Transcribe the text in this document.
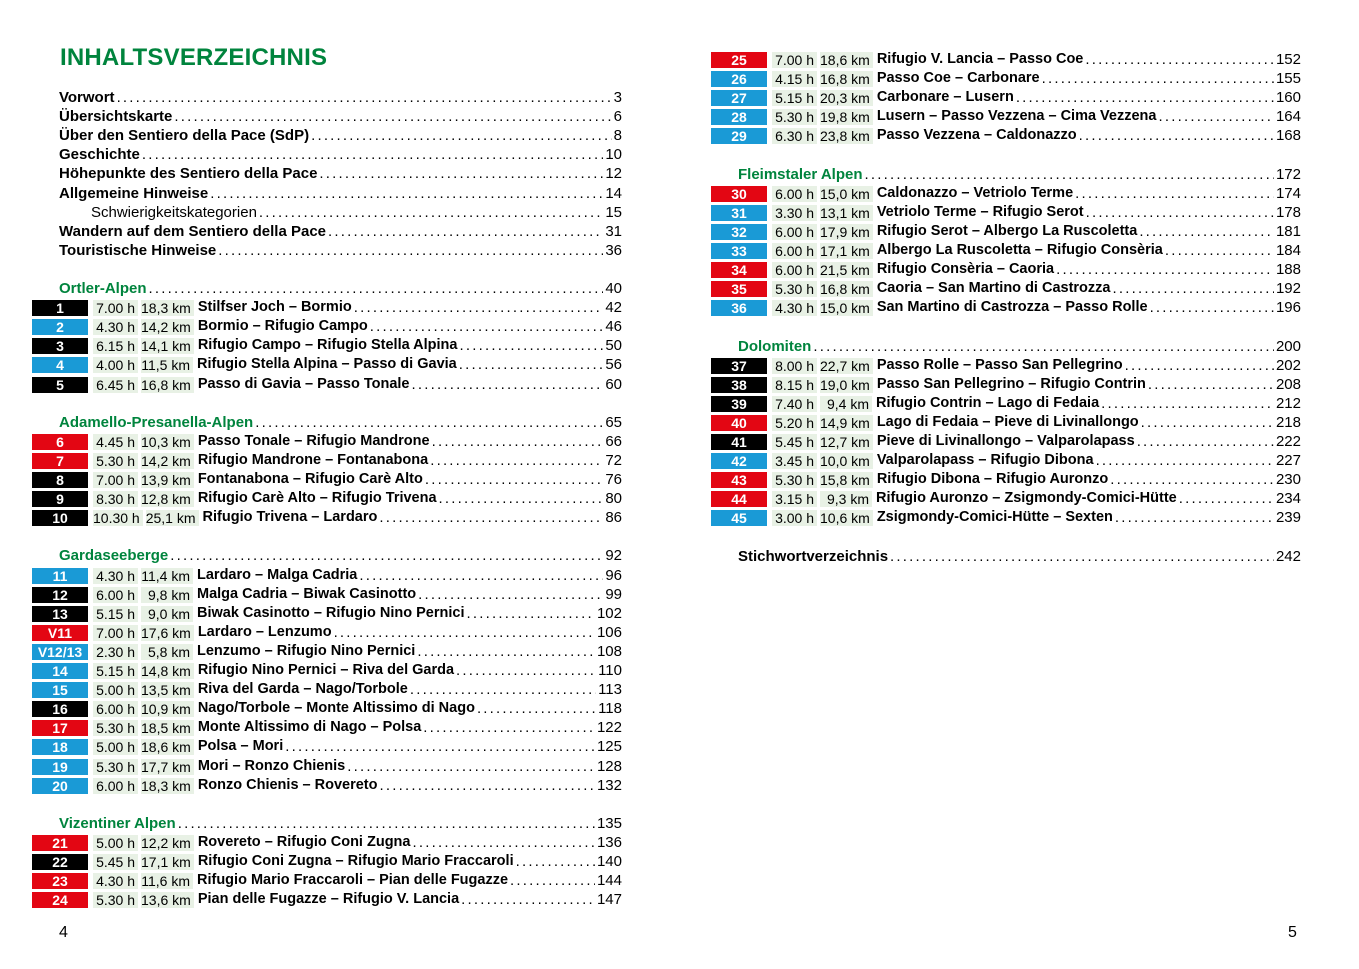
INHALTSVERZEICHNIS
Vorwort .....	3
Übersichtskarte .....	6
Über den Sentiero della Pace (SdP) .....	8
Geschichte .....	10
Höhepunkte des Sentiero della Pace .....	12
Allgemeine Hinweise .....	14
Schwierigkeitskategorien .....	15
Wandern auf dem Sentiero della Pace .....	31
Touristische Hinweise .....	36
Ortler-Alpen .....	40
1	7.00 h 18,3 km Stilfser Joch – Bormio .....	42
2	4.30 h 14,2 km Bormio – Rifugio Campo .....	46
3	6.15 h 14,1 km Rifugio Campo – Rifugio Stella Alpina .....	50
4	4.00 h 11,5 km Rifugio Stella Alpina – Passo di Gavia .....	56
5	6.45 h 16,8 km Passo di Gavia – Passo Tonale .....	60
Adamello-Presanella-Alpen .....	65
6	4.45 h 10,3 km Passo Tonale – Rifugio Mandrone .....	66
7	5.30 h 14,2 km Rifugio Mandrone – Fontanabona .....	72
8	7.00 h 13,9 km Fontanabona – Rifugio Carè Alto .....	76
9	8.30 h 12,8 km Rifugio Carè Alto – Rifugio Trivena .....	80
10	10.30 h 25,1 km Rifugio Trivena – Lardaro .....	86
Gardaseeberge .....	92
11	4.30 h 11,4 km Lardaro – Malga Cadria .....	96
12	6.00 h 9,8 km Malga Cadria – Biwak Casinotto .....	99
13	5.15 h 9,0 km Biwak Casinotto – Rifugio Nino Pernici .....	102
V11	7.00 h 17,6 km Lardaro – Lenzumo .....	106
V12/13 2.30 h 5,8 km Lenzumo – Rifugio Nino Pernici .....	108
14	5.15 h 14,8 km Rifugio Nino Pernici – Riva del Garda .....	110
15	5.00 h 13,5 km Riva del Garda – Nago/Torbole .....	113
16	6.00 h 10,9 km Nago/Torbole – Monte Altissimo di Nago .....	118
17	5.30 h 18,5 km Monte Altissimo di Nago – Polsa .....	122
18	5.00 h 18,6 km Polsa – Mori .....	125
19	5.30 h 17,7 km Mori – Ronzo Chienis .....	128
20	6.00 h 18,3 km Ronzo Chienis – Rovereto .....	132
Vizentiner Alpen .....	135
21	5.00 h 12,2 km Rovereto – Rifugio Coni Zugna .....	136
22	5.45 h 17,1 km Rifugio Coni Zugna – Rifugio Mario Fraccaroli .....	140
23	4.30 h 11,6 km Rifugio Mario Fraccaroli – Pian delle Fugazze .....	144
24	5.30 h 13,6 km Pian delle Fugazze – Rifugio V. Lancia .....	147
4
25	7.00 h 18,6 km Rifugio V. Lancia – Passo Coe .....	152
26	4.15 h 16,8 km Passo Coe – Carbonare .....	155
27	5.15 h 20,3 km Carbonare – Lusern .....	160
28	5.30 h 19,8 km Lusern – Passo Vezzena – Cima Vezzena .....	164
29	6.30 h 23,8 km Passo Vezzena – Caldonazzo .....	168
Fleimstaler Alpen .....	172
30	6.00 h 15,0 km Caldonazzo – Vetriolo Terme .....	174
31	3.30 h 13,1 km Vetriolo Terme – Rifugio Serot .....	178
32	6.00 h 17,9 km Rifugio Serot – Albergo La Ruscoletta .....	181
33	6.00 h 17,1 km Albergo La Ruscoletta – Rifugio Consèria .....	184
34	6.00 h 21,5 km Rifugio Consèria – Caoria .....	188
35	5.30 h 16,8 km Caoria – San Martino di Castrozza .....	192
36	4.30 h 15,0 km San Martino di Castrozza – Passo Rolle .....	196
Dolomiten .....	200
37	8.00 h 22,7 km Passo Rolle – Passo San Pellegrino .....	202
38	8.15 h 19,0 km Passo San Pellegrino – Rifugio Contrin .....	208
39	7.40 h 9,4 km Rifugio Contrin – Lago di Fedaia .....	212
40	5.20 h 14,9 km Lago di Fedaia – Pieve di Livinallongo .....	218
41	5.45 h 12,7 km Pieve di Livinallongo – Valparolapass .....	222
42	3.45 h 10,0 km Valparolapass – Rifugio Dibona .....	227
43	5.30 h 15,8 km Rifugio Dibona – Rifugio Auronzo .....	230
44	3.15 h 9,3 km Rifugio Auronzo – Zsigmondy-Comici-Hütte .....	234
45	3.00 h 10,6 km Zsigmondy-Comici-Hütte – Sexten .....	239
Stichwortverzeichnis .....	242
5
